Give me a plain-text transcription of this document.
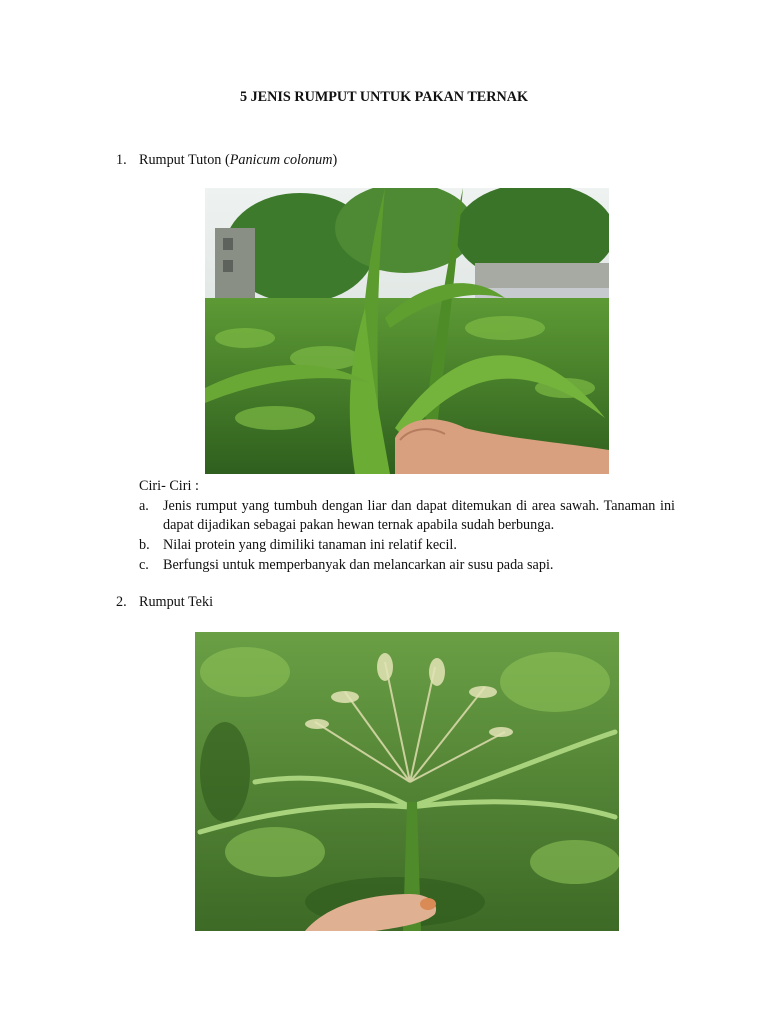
5 JENIS RUMPUT UNTUK PAKAN TERNAK
1. Rumput Tuton (Panicum colonum)
Ciri- Ciri :
a. Jenis rumput yang tumbuh dengan liar dan dapat ditemukan di area sawah. Tanaman ini dapat dijadikan sebagai pakan hewan ternak apabila sudah berbunga.
b. Nilai protein yang dimiliki tanaman ini relatif kecil.
c. Berfungsi untuk memperbanyak dan melancarkan air susu pada sapi.
2. Rumput Teki
